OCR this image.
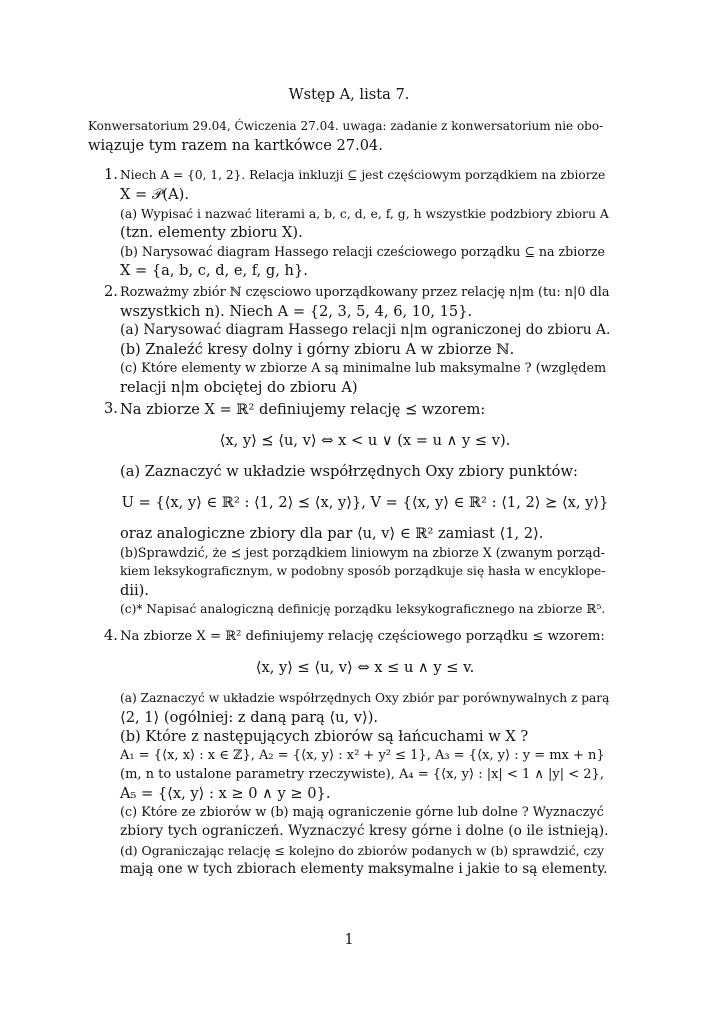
Wstęp A, lista 7.
Konwersatorium 29.04, Ćwiczenia 27.04. uwaga: zadanie z konwersatorium nie obo-
wiązuje tym razem na kartkówce 27.04.
1. Niech A = {0, 1, 2}. Relacja inkluzji ⊆ jest częściowym porządkiem na zbiorze
X = 𝒫(A).
(a) Wypisać i nazwać literami a, b, c, d, e, f, g, h wszystkie podzbiory zbioru A
(tzn. elementy zbioru X).
(b) Narysować diagram Hassego relacji cześciowego porządku ⊆ na zbiorze
X = {a, b, c, d, e, f, g, h}.
2. Rozważmy zbiór ℕ częsciowo uporządkowany przez relację n|m (tu: n|0 dla
wszystkich n). Niech A = {2, 3, 5, 4, 6, 10, 15}.
(a) Narysować diagram Hassego relacji n|m ograniczonej do zbioru A.
(b) Znaleźć kresy dolny i górny zbioru A w zbiorze ℕ.
(c) Które elementy w zbiorze A są minimalne lub maksymalne ? (względem
relacji n|m obciętej do zbioru A)
3. Na zbiorze X = ℝ² definiujemy relację ⪯ wzorem:
⟨x, y⟩ ⪯ ⟨u, v⟩ ⇔ x < u ∨ (x = u ∧ y ≤ v).
(a) Zaznaczyć w układzie współrzędnych Oxy zbiory punktów:
U = {⟨x, y⟩ ∈ ℝ² : ⟨1, 2⟩ ⪯ ⟨x, y⟩}, V = {⟨x, y⟩ ∈ ℝ² : ⟨1, 2⟩ ⪰ ⟨x, y⟩}
oraz analogiczne zbiory dla par ⟨u, v⟩ ∈ ℝ² zamiast ⟨1, 2⟩.
(b)Sprawdzić, że ⪯ jest porządkiem liniowym na zbiorze X (zwanym porząd-
kiem leksykograficznym, w podobny sposób porządkuje się hasła w encyklope-
dii).
(c)* Napisać analogiczną definicję porządku leksykograficznego na zbiorze ℝ⁵.
4. Na zbiorze X = ℝ² definiujemy relację częściowego porządku ≤ wzorem:
⟨x, y⟩ ≤ ⟨u, v⟩ ⇔ x ≤ u ∧ y ≤ v.
(a) Zaznaczyć w układzie współrzędnych Oxy zbiór par porównywalnych z parą
⟨2, 1⟩ (ogólniej: z daną parą ⟨u, v⟩).
(b) Które z następujących zbiorów są łańcuchami w X ?
A₁ = {⟨x, x⟩ : x ∈ ℤ}, A₂ = {⟨x, y⟩ : x² + y² ≤ 1}, A₃ = {⟨x, y⟩ : y = mx + n}
(m, n to ustalone parametry rzeczywiste), A₄ = {⟨x, y⟩ : |x| < 1 ∧ |y| < 2},
A₅ = {⟨x, y⟩ : x ≥ 0 ∧ y ≥ 0}.
(c) Które ze zbiorów w (b) mają ograniczenie górne lub dolne ? Wyznaczyć
zbiory tych ograniczeń. Wyznaczyć kresy górne i dolne (o ile istnieją).
(d) Ograniczając relację ≤ kolejno do zbiorów podanych w (b) sprawdzić, czy
mają one w tych zbiorach elementy maksymalne i jakie to są elementy.
1
